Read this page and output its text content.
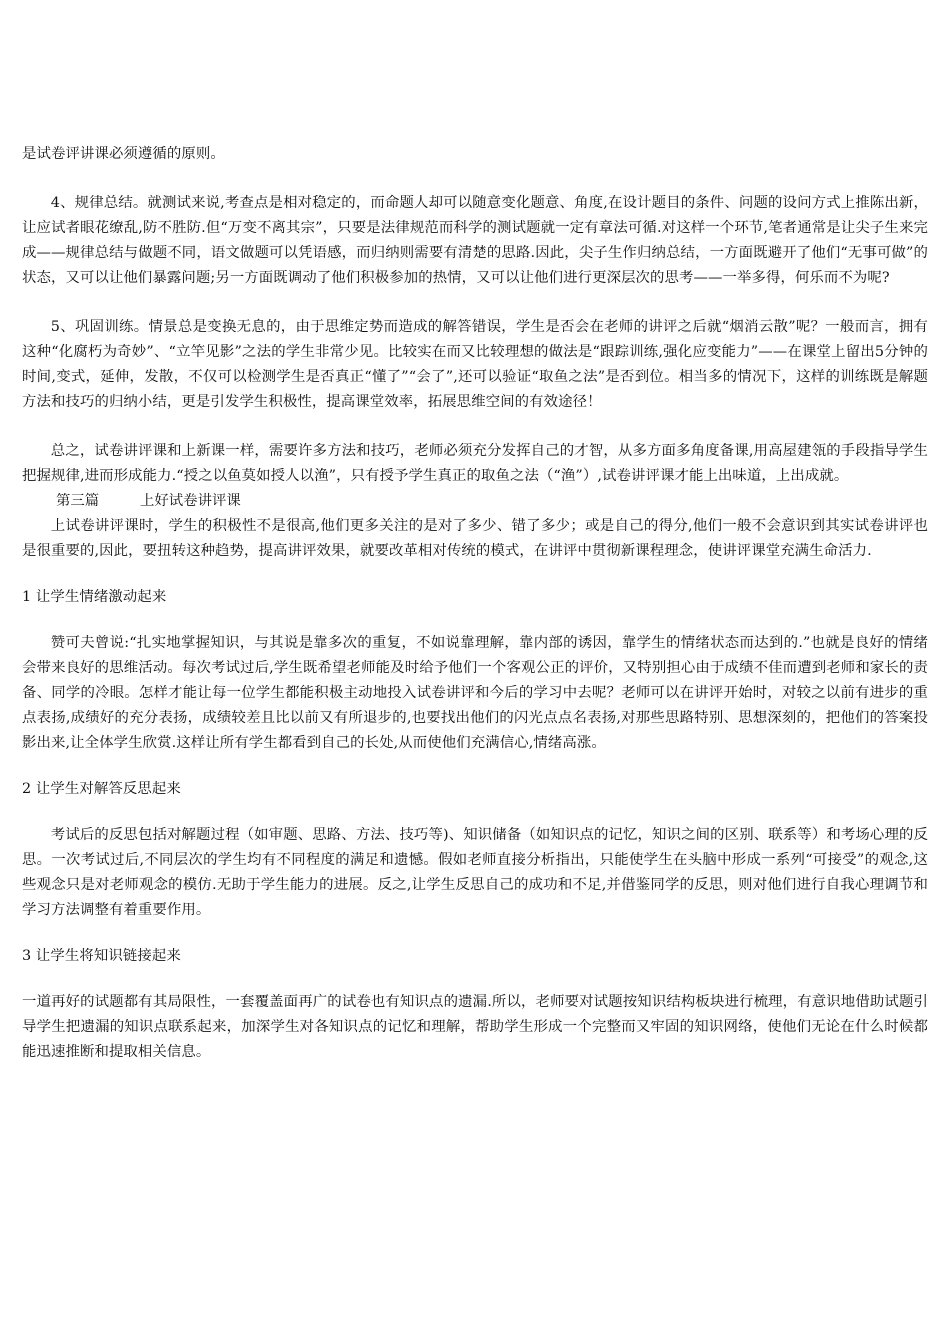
是试卷评讲课必须遵循的原则。

4、规律总结。就测试来说,考查点是相对稳定的，而命题人却可以随意变化题意、角度,在设计题目的条件、问题的设问方式上推陈出新，让应试者眼花缭乱,防不胜防.但“万变不离其宗”，只要是法律规范而科学的测试题就一定有章法可循.对这样一个环节,笔者通常是让尖子生来完成——规律总结与做题不同，语文做题可以凭语感，而归纳则需要有清楚的思路.因此，尖子生作归纳总结，一方面既避开了他们“无事可做”的状态，又可以让他们暴露问题;另一方面既调动了他们积极参加的热情，又可以让他们进行更深层次的思考——一举多得，何乐而不为呢?

5、巩固训练。情景总是变换无息的，由于思维定势而造成的解答错误，学生是否会在老师的讲评之后就“烟消云散”呢？一般而言，拥有这种“化腐朽为奇妙”、“立竿见影”之法的学生非常少见。比较实在而又比较理想的做法是“跟踪训练,强化应变能力”——在课堂上留出5分钟的时间,变式，延伸，发散，不仅可以检测学生是否真正“懂了”“会了”,还可以验证“取鱼之法”是否到位。相当多的情况下，这样的训练既是解题方法和技巧的归纳小结，更是引发学生积极性，提高课堂效率，拓展思维空间的有效途径！

总之，试卷讲评课和上新课一样，需要许多方法和技巧，老师必须充分发挥自己的才智，从多方面多角度备课,用高屋建瓴的手段指导学生把握规律,进而形成能力.“授之以鱼莫如授人以渔”，只有授予学生真正的取鱼之法（“渔”）,试卷讲评课才能上出味道，上出成就。

第三篇	上好试卷讲评课

上试卷讲评课时，学生的积极性不是很高,他们更多关注的是对了多少、错了多少；或是自己的得分,他们一般不会意识到其实试卷讲评也是很重要的,因此，要扭转这种趋势，提高讲评效果，就要改革相对传统的模式，在讲评中贯彻新课程理念，使讲评课堂充满生命活力.

1 让学生情绪激动起来

赞可夫曾说:“扎实地掌握知识，与其说是靠多次的重复，不如说靠理解，靠内部的诱因，靠学生的情绪状态而达到的.”也就是良好的情绪会带来良好的思维活动。每次考试过后,学生既希望老师能及时给予他们一个客观公正的评价，又特别担心由于成绩不佳而遭到老师和家长的责备、同学的冷眼。怎样才能让每一位学生都能积极主动地投入试卷讲评和今后的学习中去呢？老师可以在讲评开始时，对较之以前有进步的重点表扬,成绩好的充分表扬，成绩较差且比以前又有所退步的,也要找出他们的闪光点点名表扬,对那些思路特别、思想深刻的，把他们的答案投影出来,让全体学生欣赏.这样让所有学生都看到自己的长处,从而使他们充满信心,情绪高涨。

2 让学生对解答反思起来

考试后的反思包括对解题过程（如审题、思路、方法、技巧等)、知识储备（如知识点的记忆，知识之间的区别、联系等）和考场心理的反思。一次考试过后,不同层次的学生均有不同程度的满足和遗憾。假如老师直接分析指出，只能使学生在头脑中形成一系列“可接受”的观念,这些观念只是对老师观念的模仿.无助于学生能力的进展。反之,让学生反思自己的成功和不足,并借鉴同学的反思，则对他们进行自我心理调节和学习方法调整有着重要作用。

3 让学生将知识链接起来

一道再好的试题都有其局限性，一套覆盖面再广的试卷也有知识点的遗漏.所以，老师要对试题按知识结构板块进行梳理，有意识地借助试题引导学生把遗漏的知识点联系起来，加深学生对各知识点的记忆和理解，帮助学生形成一个完整而又牢固的知识网络，使他们无论在什么时候都能迅速推断和提取相关信息。
